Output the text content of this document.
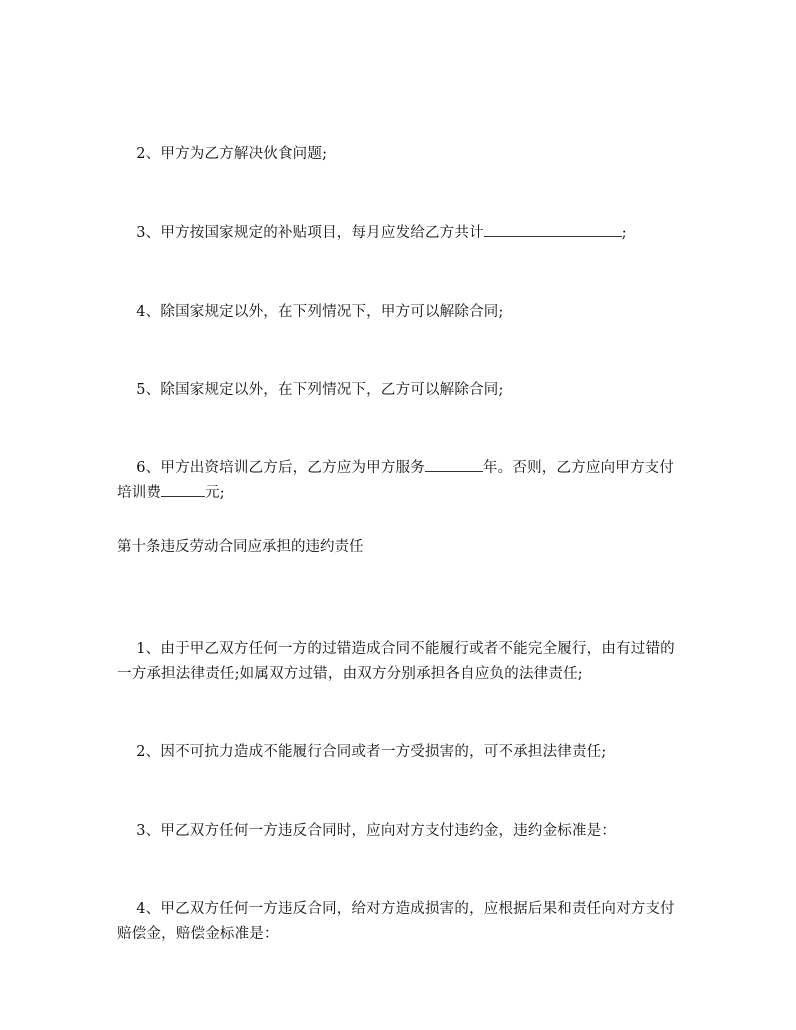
2、甲方为乙方解决伙食问题;

3、甲方按国家规定的补贴项目，每月应发给乙方共计	;

4、除国家规定以外，在下列情况下，甲方可以解除合同;

5、除国家规定以外，在下列情况下，乙方可以解除合同;

6、甲方出资培训乙方后，乙方应为甲方服务	年。否则，乙方应向甲方支付培训费	元;

第十条违反劳动合同应承担的违约责任

1、由于甲乙双方任何一方的过错造成合同不能履行或者不能完全履行，由有过错的一方承担法律责任;如属双方过错，由双方分别承担各自应负的法律责任;

2、因不可抗力造成不能履行合同或者一方受损害的，可不承担法律责任;

3、甲乙双方任何一方违反合同时，应向对方支付违约金，违约金标准是：

4、甲乙双方任何一方违反合同，给对方造成损害的，应根据后果和责任向对方支付赔偿金，赔偿金标准是：
